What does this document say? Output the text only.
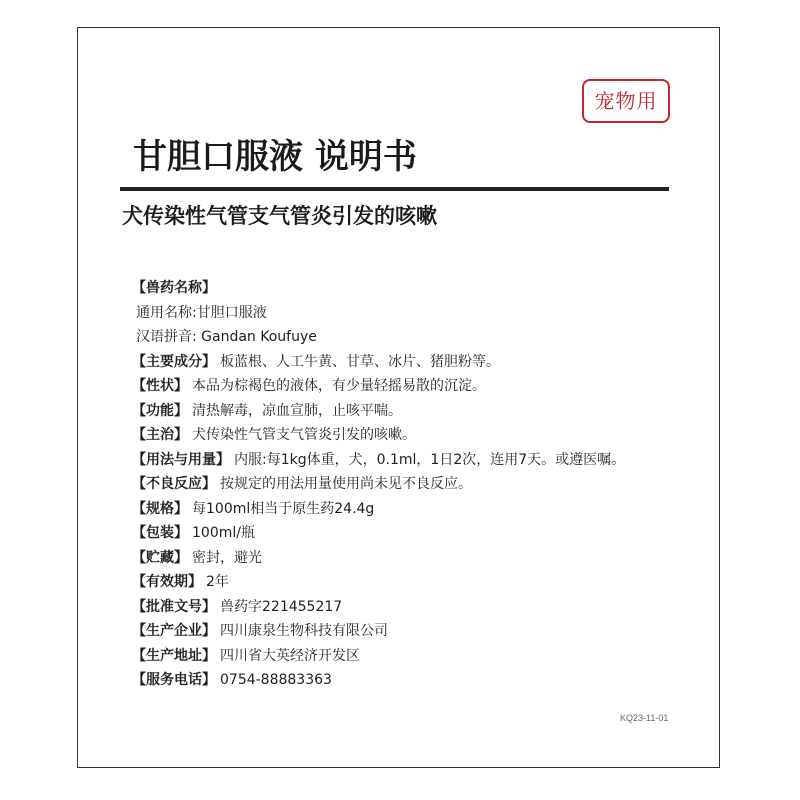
宠物用
甘胆口服液 说明书
犬传染性气管支气管炎引发的咳嗽
【兽药名称】
通用名称:甘胆口服液
汉语拼音: Gandan Koufuye
【主要成分】 板蓝根、人工牛黄、甘草、冰片、猪胆粉等。
【性状】 本品为棕褐色的液体，有少量轻摇易散的沉淀。
【功能】 清热解毒，凉血宣肺，止咳平喘。
【主治】 犬传染性气管支气管炎引发的咳嗽。
【用法与用量】 内服:每1kg体重，犬，0.1ml，1日2次，连用7天。或遵医嘱。
【不良反应】 按规定的用法用量使用尚未见不良反应。
【规格】 每100ml相当于原生药24.4g
【包装】 100ml/瓶
【贮藏】 密封，避光
【有效期】 2年
【批准文号】 兽药字221455217
【生产企业】 四川康泉生物科技有限公司
【生产地址】 四川省大英经济开发区
【服务电话】 0754-88883363
KQ23-11-01
